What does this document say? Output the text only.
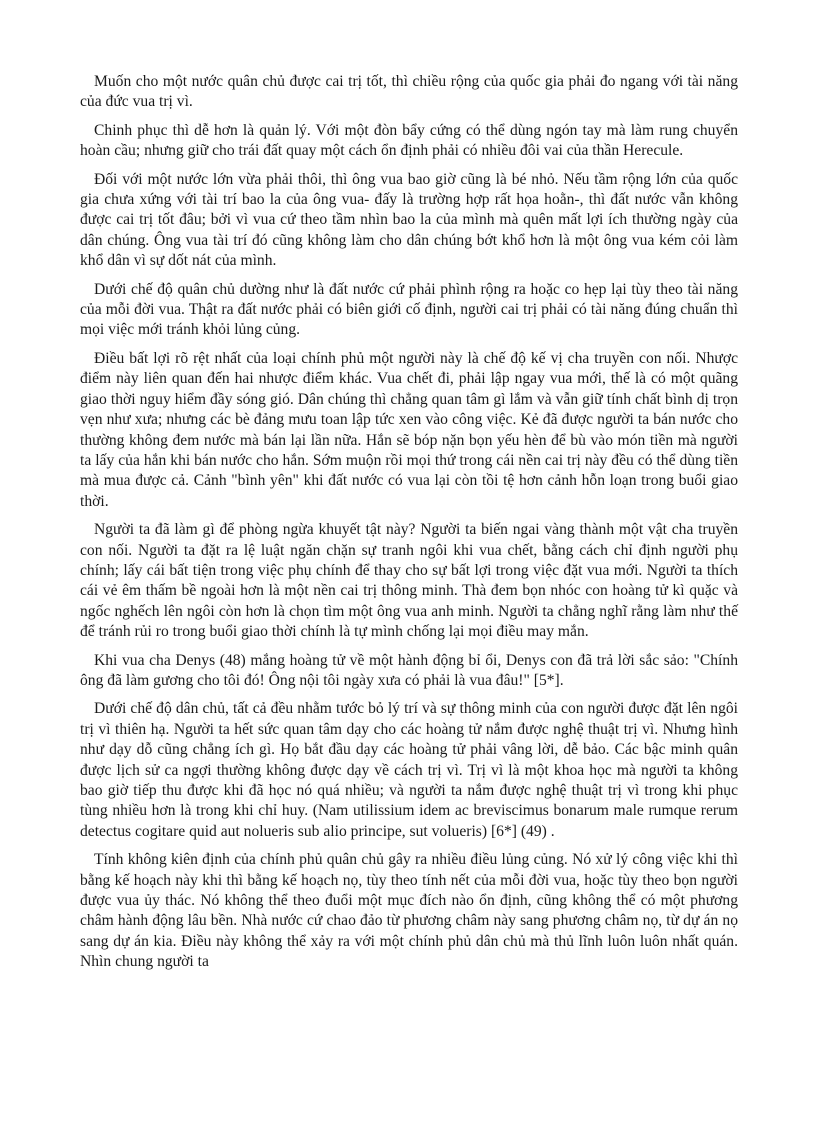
Muốn cho một nước quân chủ được cai trị tốt, thì chiều rộng của quốc gia phải đo ngang với tài năng của đức vua trị vì.

Chinh phục thì dễ hơn là quản lý. Với một đòn bẩy cứng có thể dùng ngón tay mà làm rung chuyển hoàn cầu; nhưng giữ cho trái đất quay một cách ổn định phải có nhiều đôi vai của thần Herecule.

Đối với một nước lớn vừa phải thôi, thì ông vua bao giờ cũng là bé nhỏ. Nếu tầm rộng lớn của quốc gia chưa xứng với tài trí bao la của ông vua- đấy là trường hợp rất họa hoằn-, thì đất nước vẫn không được cai trị tốt đâu; bởi vì vua cứ theo tầm nhìn bao la của mình mà quên mất lợi ích thường ngày của dân chúng. Ông vua tài trí đó cũng không làm cho dân chúng bớt khổ hơn là một ông vua kém cỏi làm khổ dân vì sự dốt nát của mình.

Dưới chế độ quân chủ dường như là đất nước cứ phải phình rộng ra hoặc co hẹp lại tùy theo tài năng của mỗi đời vua. Thật ra đất nước phải có biên giới cố định, người cai trị phải có tài năng đúng chuẩn thì mọi việc mới tránh khỏi lủng củng.

Điều bất lợi rõ rệt nhất của loại chính phủ một người này là chế độ kế vị cha truyền con nối. Nhược điểm này liên quan đến hai nhược điểm khác. Vua chết đi, phải lập ngay vua mới, thế là có một quãng giao thời nguy hiểm đầy sóng gió. Dân chúng thì chẳng quan tâm gì lắm và vẫn giữ tính chất bình dị trọn vẹn như xưa; nhưng các bè đảng mưu toan lập tức xen vào công việc. Kẻ đã được người ta bán nước cho thường không đem nước mà bán lại lần nữa. Hắn sẽ bóp nặn bọn yếu hèn để bù vào món tiền mà người ta lấy của hắn khi bán nước cho hắn. Sớm muộn rồi mọi thứ trong cái nền cai trị này đều có thể dùng tiền mà mua được cả. Cảnh "bình yên" khi đất nước có vua lại còn tồi tệ hơn cảnh hỗn loạn trong buổi giao thời.

Người ta đã làm gì để phòng ngừa khuyết tật này? Người ta biến ngai vàng thành một vật cha truyền con nối. Người ta đặt ra lệ luật ngăn chặn sự tranh ngôi khi vua chết, bằng cách chỉ định người phụ chính; lấy cái bất tiện trong việc phụ chính để thay cho sự bất lợi trong việc đặt vua mới. Người ta thích cái vẻ êm thấm bề ngoài hơn là một nền cai trị thông minh. Thà đem bọn nhóc con hoàng tử kì quặc và ngốc nghếch lên ngôi còn hơn là chọn tìm một ông vua anh minh. Người ta chẳng nghĩ rằng làm như thế để tránh rủi ro trong buổi giao thời chính là tự mình chống lại mọi điều may mắn.

Khi vua cha Denys (48) mắng hoàng tử về một hành động bỉ ổi, Denys con đã trả lời sắc sảo: "Chính ông đã làm gương cho tôi đó! Ông nội tôi ngày xưa có phải là vua đâu!" [5*].

Dưới chế độ dân chủ, tất cả đều nhằm tước bỏ lý trí và sự thông minh của con người được đặt lên ngôi trị vì thiên hạ. Người ta hết sức quan tâm dạy cho các hoàng tử nắm được nghệ thuật trị vì. Nhưng hình như dạy dỗ cũng chẳng ích gì. Họ bắt đầu dạy các hoàng tử phải vâng lời, dễ bảo. Các bậc minh quân được lịch sử ca ngợi thường không được dạy về cách trị vì. Trị vì là một khoa học mà người ta không bao giờ tiếp thu được khi đã học nó quá nhiều; và người ta nắm được nghệ thuật trị vì trong khi phục tùng nhiều hơn là trong khi chỉ huy. (Nam utilissium idem ac breviscimus bonarum male rumque rerum detectus cogitare quid aut nolueris sub alio principe, sut volueris) [6*] (49) .

Tính không kiên định của chính phủ quân chủ gây ra nhiều điều lủng củng. Nó xử lý công việc khi thì bằng kế hoạch này khi thì bằng kế hoạch nọ, tùy theo tính nết của mỗi đời vua, hoặc tùy theo bọn người được vua ủy thác. Nó không thể theo đuổi một mục đích nào ổn định, cũng không thể có một phương châm hành động lâu bền. Nhà nước cứ chao đảo từ phương châm này sang phương châm nọ, từ dự án nọ sang dự án kia. Điều này không thể xảy ra với một chính phủ dân chủ mà thủ lĩnh luôn luôn nhất quán. Nhìn chung người ta
